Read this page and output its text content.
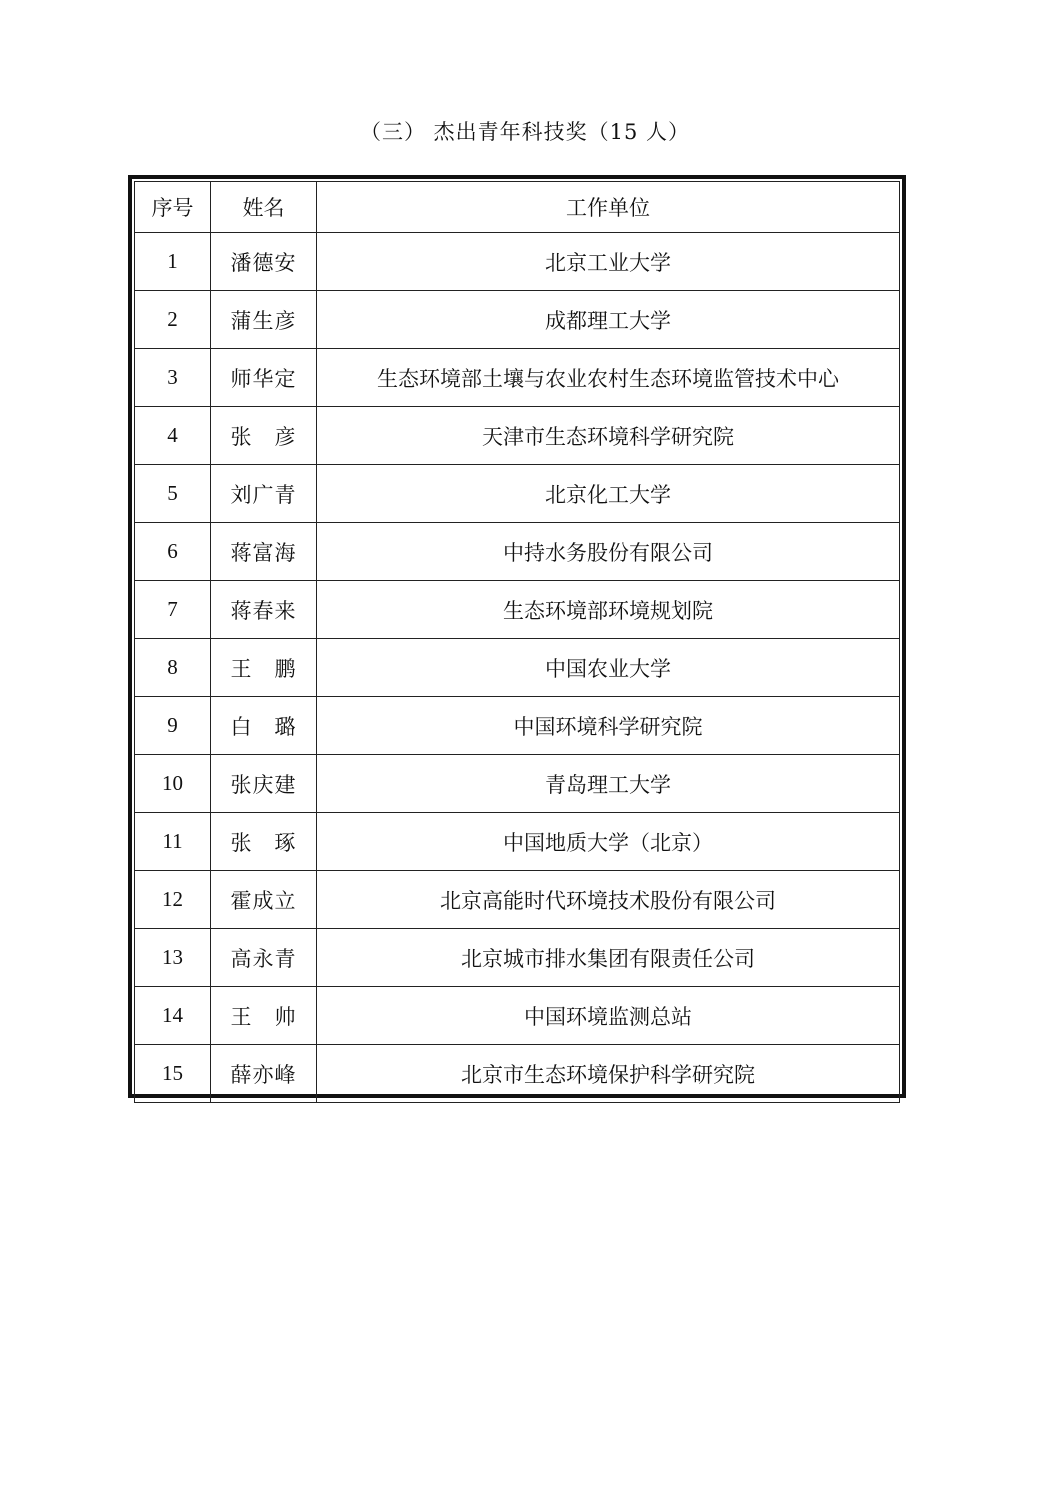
（三） 杰出青年科技奖（15 人）
序号	姓名	工作单位
1	潘德安	北京工业大学
2	蒲生彦	成都理工大学
3	师华定	生态环境部土壤与农业农村生态环境监管技术中心
4	张　彦	天津市生态环境科学研究院
5	刘广青	北京化工大学
6	蒋富海	中持水务股份有限公司
7	蒋春来	生态环境部环境规划院
8	王　鹏	中国农业大学
9	白　璐	中国环境科学研究院
10	张庆建	青岛理工大学
11	张　琢	中国地质大学（北京）
12	霍成立	北京高能时代环境技术股份有限公司
13	高永青	北京城市排水集团有限责任公司
14	王　帅	中国环境监测总站
15	薛亦峰	北京市生态环境保护科学研究院
